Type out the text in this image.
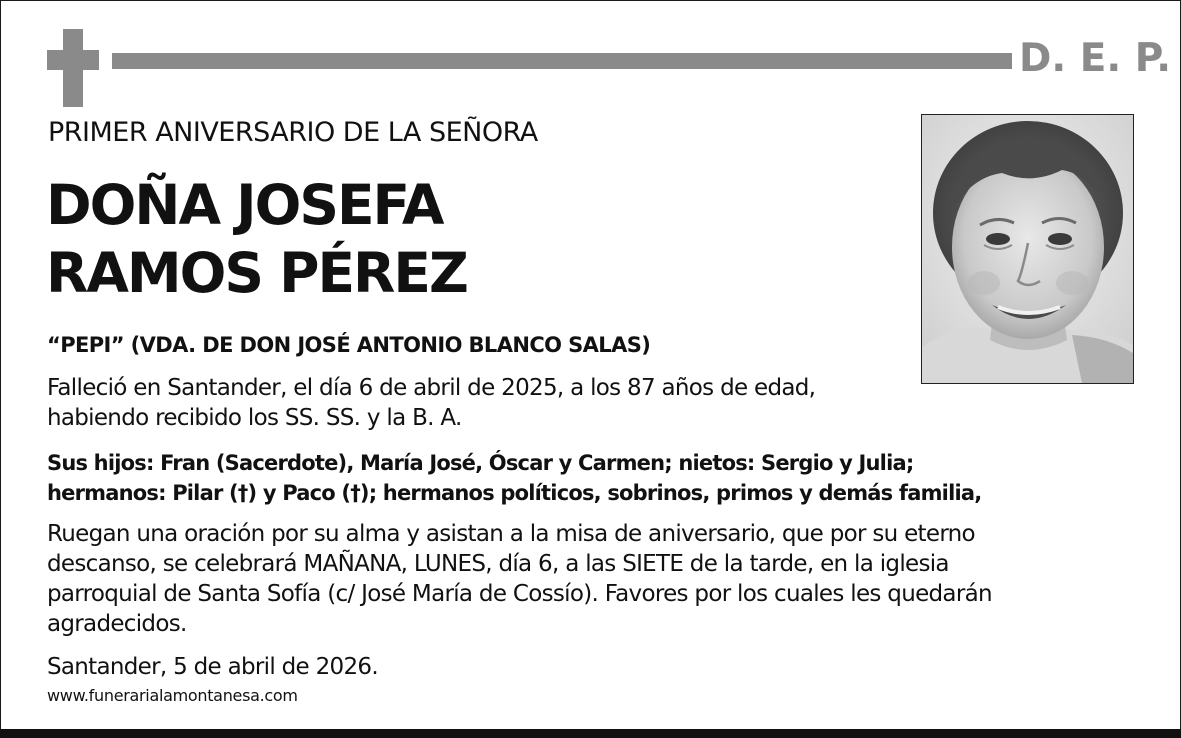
D. E. P.
PRIMER ANIVERSARIO DE LA SEÑORA
DOÑA JOSEFA
RAMOS PÉREZ
“PEPI” (VDA. DE DON JOSÉ ANTONIO BLANCO SALAS)
Falleció en Santander, el día 6 de abril de 2025, a los 87 años de edad,
habiendo recibido los SS. SS. y la B. A.
Sus hijos: Fran (Sacerdote), María José, Óscar y Carmen; nietos: Sergio y Julia;
hermanos: Pilar (†) y Paco (†); hermanos políticos, sobrinos, primos y demás familia,
Ruegan una oración por su alma y asistan a la misa de aniversario, que por su eterno
descanso, se celebrará MAÑANA, LUNES, día 6, a las SIETE de la tarde, en la iglesia
parroquial de Santa Sofía (c/ José María de Cossío). Favores por los cuales les quedarán
agradecidos.
Santander, 5 de abril de 2026.
www.funerarialamontanesa.com
